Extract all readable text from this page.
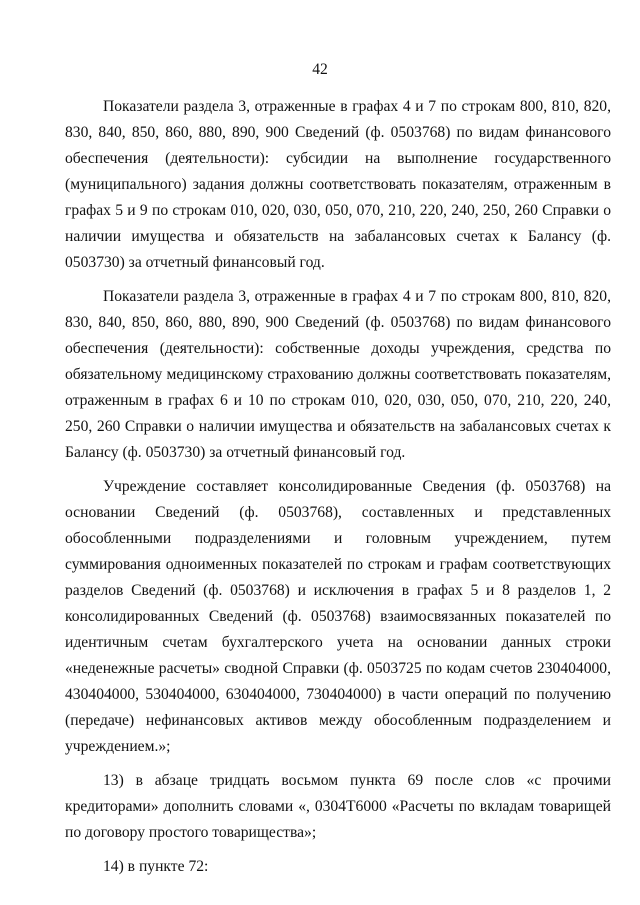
42

Показатели раздела 3, отраженные в графах 4 и 7 по строкам 800, 810, 820, 830, 840, 850, 860, 880, 890, 900 Сведений (ф. 0503768) по видам финансового обеспечения (деятельности): субсидии на выполнение государственного (муниципального) задания должны соответствовать показателям, отраженным в графах 5 и 9 по строкам 010, 020, 030, 050, 070, 210, 220, 240, 250, 260 Справки о наличии имущества и обязательств на забалансовых счетах к Балансу (ф. 0503730) за отчетный финансовый год.

Показатели раздела 3, отраженные в графах 4 и 7 по строкам 800, 810, 820, 830, 840, 850, 860, 880, 890, 900 Сведений (ф. 0503768) по видам финансового обеспечения (деятельности): собственные доходы учреждения, средства по обязательному медицинскому страхованию должны соответствовать показателям, отраженным в графах 6 и 10 по строкам 010, 020, 030, 050, 070, 210, 220, 240, 250, 260 Справки о наличии имущества и обязательств на забалансовых счетах к Балансу (ф. 0503730) за отчетный финансовый год.

Учреждение составляет консолидированные Сведения (ф. 0503768) на основании Сведений (ф. 0503768), составленных и представленных обособленными подразделениями и головным учреждением, путем суммирования одноименных показателей по строкам и графам соответствующих разделов Сведений (ф. 0503768) и исключения в графах 5 и 8 разделов 1, 2 консолидированных Сведений (ф. 0503768) взаимосвязанных показателей по идентичным счетам бухгалтерского учета на основании данных строки «неденежные расчеты» сводной Справки (ф. 0503725 по кодам счетов 230404000, 430404000, 530404000, 630404000, 730404000) в части операций по получению (передаче) нефинансовых активов между обособленным подразделением и учреждением.»;

13) в абзаце тридцать восьмом пункта 69 после слов «с прочими кредиторами» дополнить словами «, 0304Т6000 «Расчеты по вкладам товарищей по договору простого товарищества»;

14) в пункте 72:
